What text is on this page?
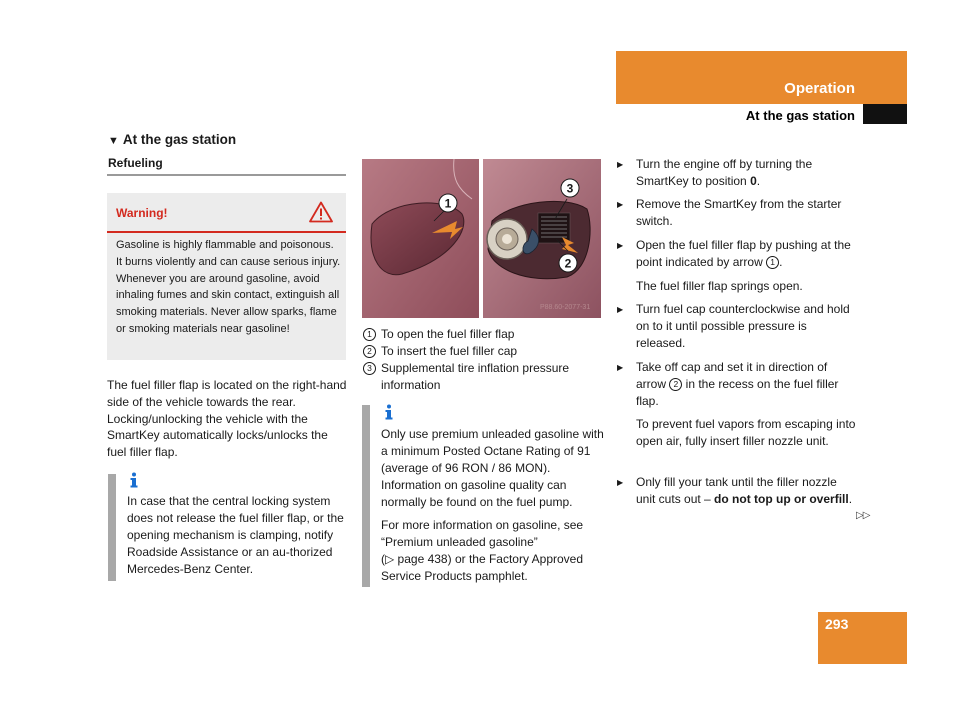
Operation
At the gas station
▼ At the gas station
Refueling
Warning!
Gasoline is highly flammable and poisonous. It burns violently and can cause serious injury. Whenever you are around gasoline, avoid inhaling fumes and skin contact, extinguish all smoking materials. Never allow sparks, flame or smoking materials near gasoline!
The fuel filler flap is located on the right-hand side of the vehicle towards the rear. Locking/unlocking the vehicle with the SmartKey automatically locks/unlocks the fuel filler flap.
In case that the central locking system does not release the fuel filler flap, or the opening mechanism is clamping, notify Roadside Assistance or an au-thorized Mercedes-Benz Center.
1
3
2
P88.60-2077-31
1 To open the fuel filler flap
2 To insert the fuel filler cap
3 Supplemental tire inflation pressure information
Only use premium unleaded gasoline with a minimum Posted Octane Rating of 91 (average of 96 RON / 86 MON). Information on gasoline quality can normally be found on the fuel pump.
For more information on gasoline, see “Premium unleaded gasoline”
(▷ page 438) or the Factory Approved Service Products pamphlet.
▶ Turn the engine off by turning the SmartKey to position 0.
▶ Remove the SmartKey from the starter switch.
▶ Open the fuel filler flap by pushing at the point indicated by arrow 1 .
The fuel filler flap springs open.
▶ Turn fuel cap counterclockwise and hold on to it until possible pressure is released.
▶ Take off cap and set it in direction of arrow 2 in the recess on the fuel filler flap.
To prevent fuel vapors from escaping into open air, fully insert filler nozzle unit.
▶ Only fill your tank until the filler nozzle unit cuts out – do not top up or overfill.
▷▷
293
